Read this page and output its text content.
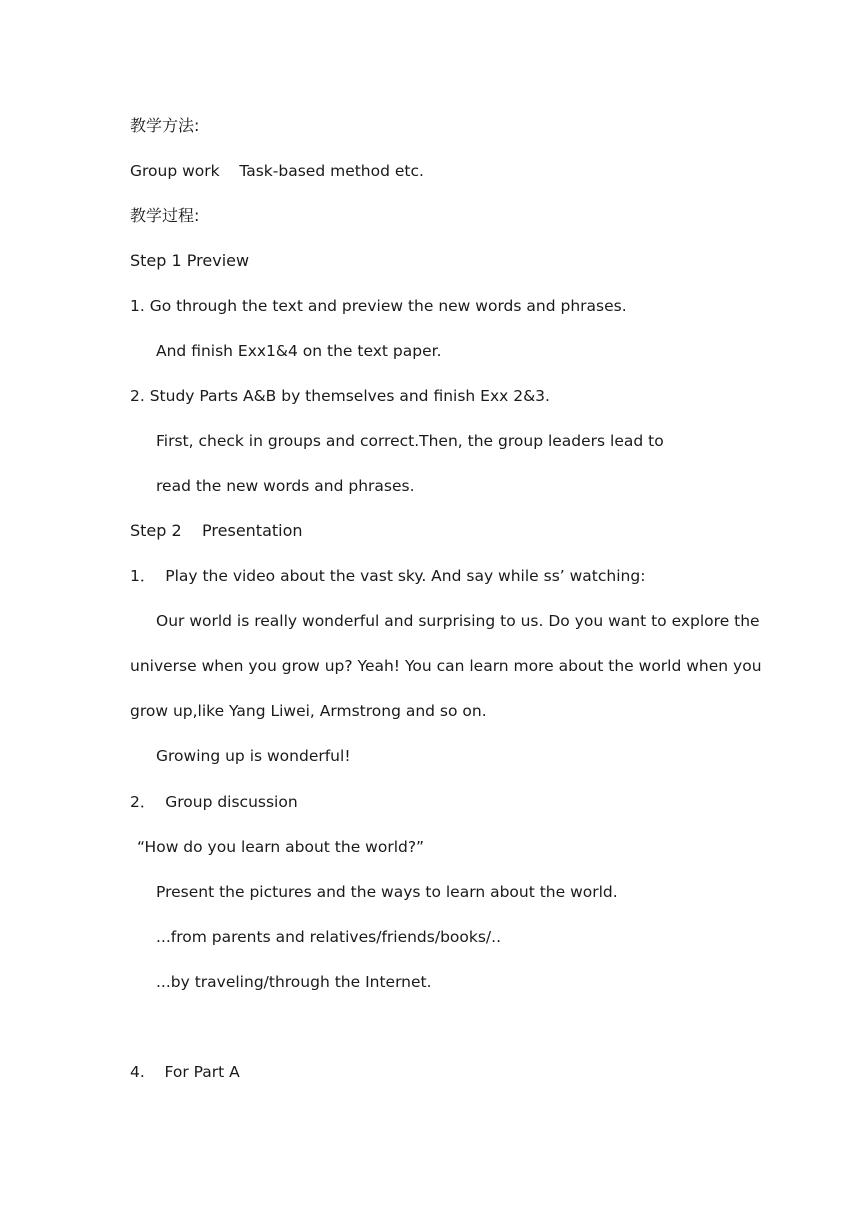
教学方法:
Group work    Task-based method etc.
教学过程:
Step 1 Preview
1. Go through the text and preview the new words and phrases.
And finish Exx1&4 on the text paper.
2. Study Parts A&B by themselves and finish Exx 2&3.
First, check in groups and correct.Then, the group leaders lead to
read the new words and phrases.
Step 2    Presentation
1．  Play the video about the vast sky. And say while ss’ watching:
Our world is really wonderful and surprising to us. Do you want to explore the
universe when you grow up? Yeah! You can learn more about the world when you
grow up,like Yang Liwei, Armstrong and so on.
Growing up is wonderful!
2．  Group discussion
“How do you learn about the world?”
Present the pictures and the ways to learn about the world.
...from parents and relatives/friends/books/..
...by traveling/through the Internet.
4.    For Part A
